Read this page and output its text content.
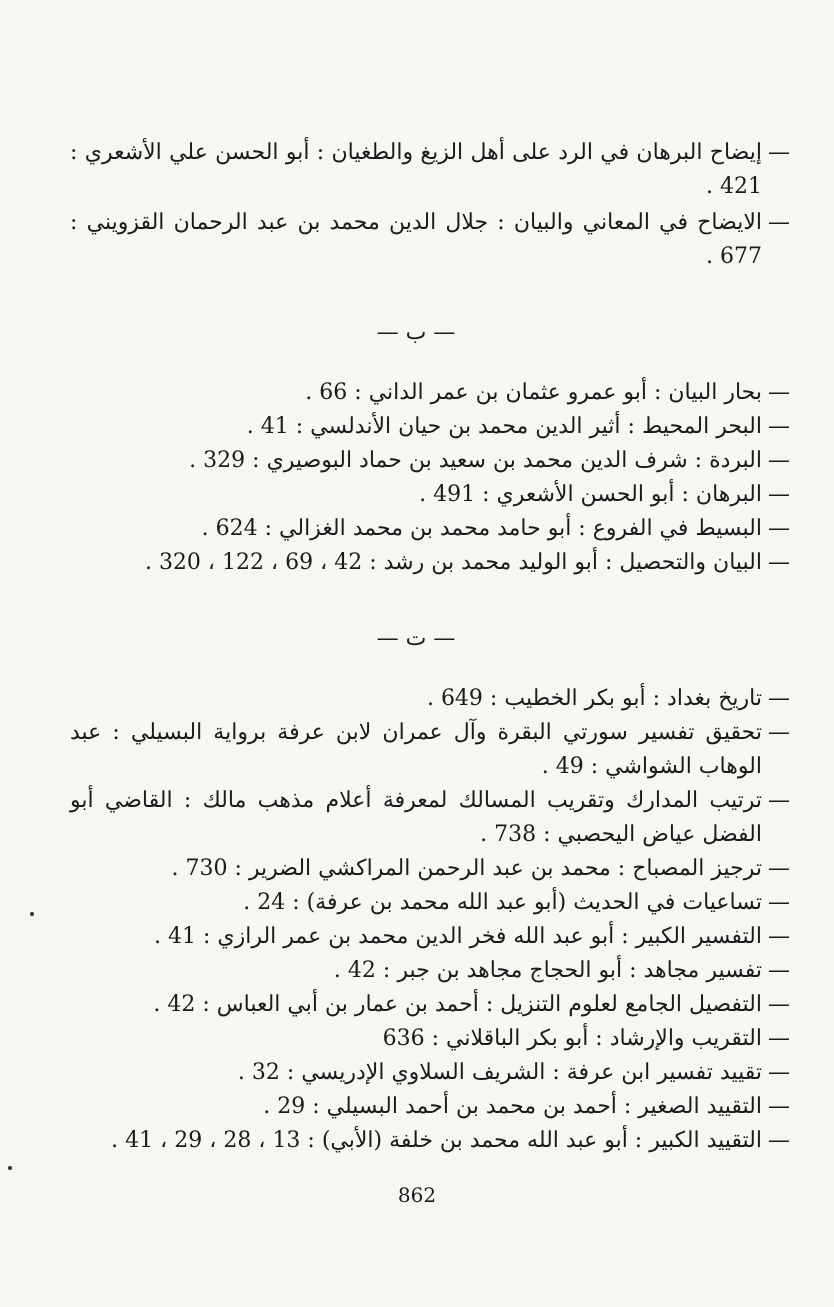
—
إيضاح البرهان في الرد على أهل الزيغ والطغيان : أبو الحسن علي الأشعري : 421 .

—
الايضاح في المعاني والبيان : جلال الدين محمد بن عبد الرحمان القزويني : 677 .

— ب —

—
بحار البيان : أبو عمرو عثمان بن عمر الداني : 66 .

—
البحر المحيط : أثير الدين محمد بن حيان الأندلسي : 41 .

—
البردة : شرف الدين محمد بن سعيد بن حماد البوصيري : 329 .

—
البرهان : أبو الحسن الأشعري : 491 .

—
البسيط في الفروع : أبو حامد محمد بن محمد الغزالي : 624 .

—
البيان والتحصيل : أبو الوليد محمد بن رشد : 42 ، 69 ، 122 ، 320 .

— ت —

—
تاريخ بغداد : أبو بكر الخطيب : 649 .

—
تحقيق تفسير سورتي البقرة وآل عمران لابن عرفة برواية البسيلي : عبد الوهاب الشواشي : 49 .

—
ترتيب المدارك وتقريب المسالك لمعرفة أعلام مذهب مالك : القاضي أبو الفضل عياض اليحصبي : 738 .

—
ترجيز المصباح : محمد بن عبد الرحمن المراكشي الضرير : 730 .

—
تساعيات في الحديث (أبو عبد الله محمد بن عرفة) : 24 .

—
التفسير الكبير : أبو عبد الله فخر الدين محمد بن عمر الرازي : 41 .

—
تفسير مجاهد : أبو الحجاج مجاهد بن جبر : 42 .

—
التفصيل الجامع لعلوم التنزيل : أحمد بن عمار بن أبي العباس : 42 .

—
التقريب والإرشاد : أبو بكر الباقلاني : 636

—
تقييد تفسير ابن عرفة : الشريف السلاوي الإدريسي : 32 .

—
التقييد الصغير : أحمد بن محمد بن أحمد البسيلي : 29 .

—
التقييد الكبير : أبو عبد الله محمد بن خلفة (الأبي) : 13 ، 28 ، 29 ، 41 .

862
